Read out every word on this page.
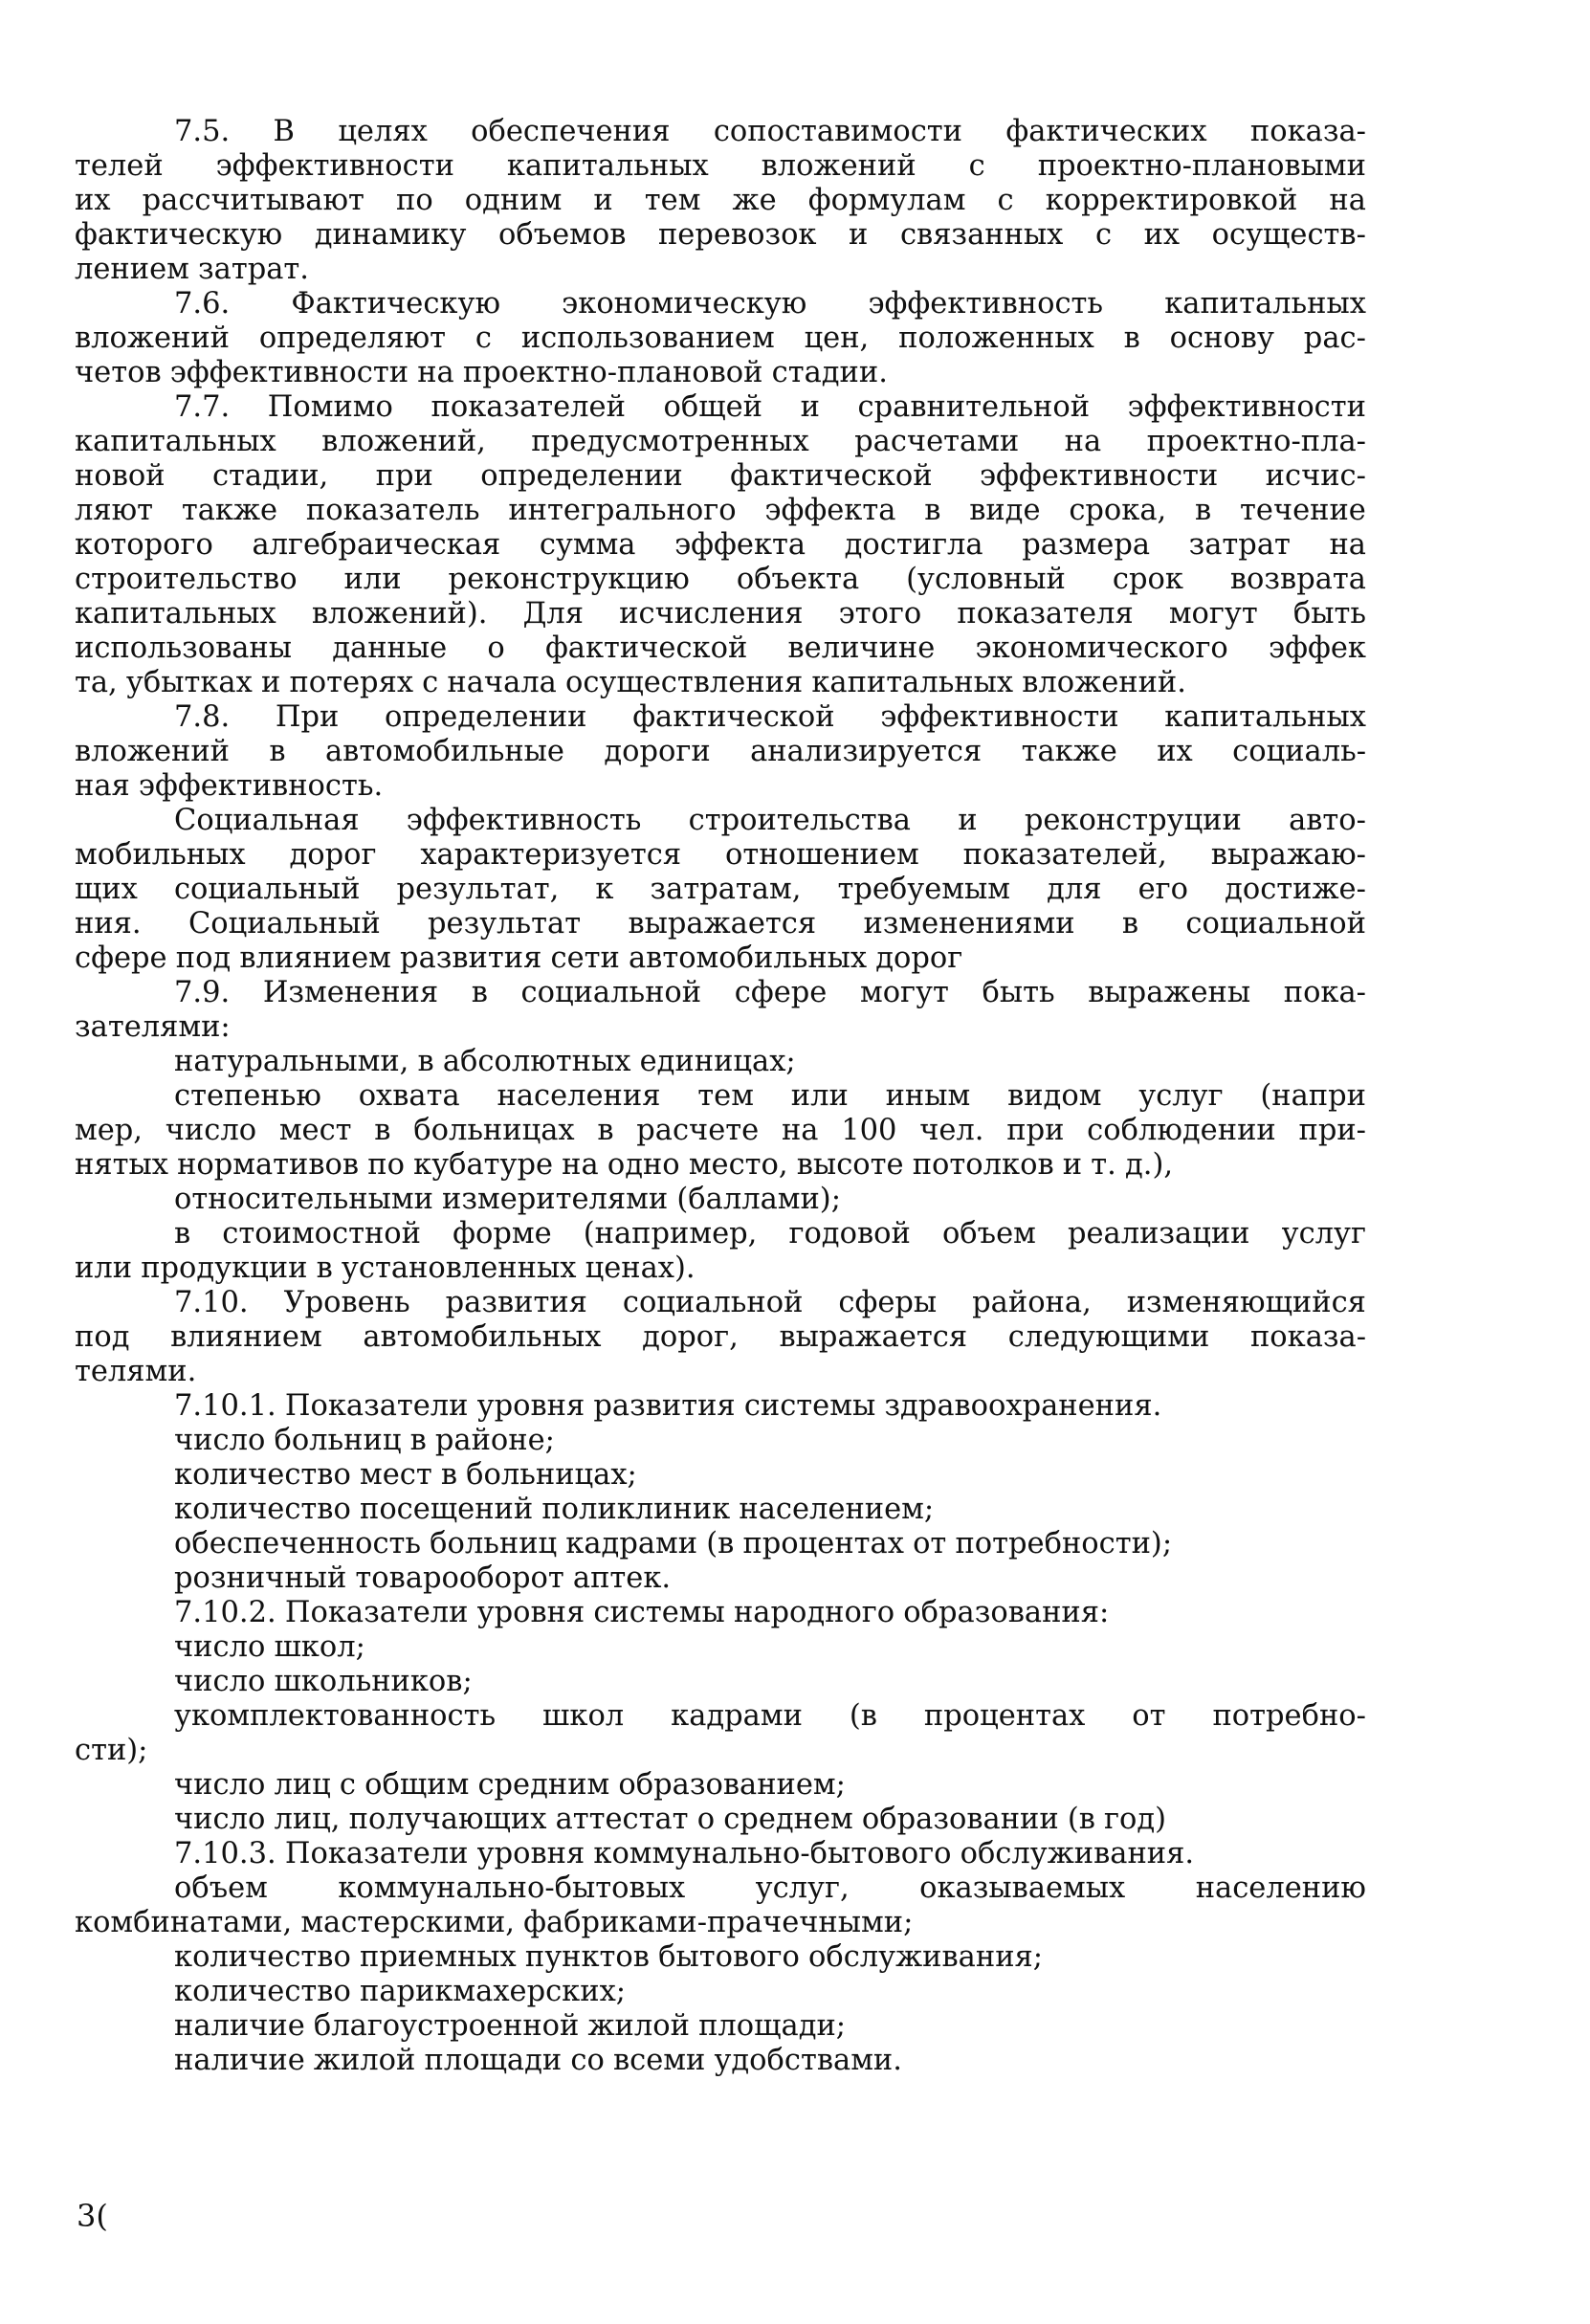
7.5. В целях обеспечения сопоставимости фактических показа-
телей эффективности капитальных вложений с проектно-плановыми
их рассчитывают по одним и тем же формулам с корректировкой на
фактическую динамику объемов перевозок и связанных с их осуществ-
лением затрат.
7.6. Фактическую экономическую эффективность капитальных
вложений определяют с использованием цен, положенных в основу рас-
четов эффективности на проектно-плановой стадии.
7.7. Помимо показателей общей и сравнительной эффективности
капитальных вложений, предусмотренных расчетами на проектно-пла-
новой стадии, при определении фактической эффективности исчис-
ляют также показатель интегрального эффекта в виде срока, в течение
которого алгебраическая сумма эффекта достигла размера затрат на
строительство или реконструкцию объекта (условный срок возврата
капитальных вложений). Для исчисления этого показателя могут быть
использованы данные о фактической величине экономического эффек
та, убытках и потерях с начала осуществления капитальных вложений.
7.8. При определении фактической эффективности капитальных
вложений в автомобильные дороги анализируется также их социаль-
ная эффективность.
Социальная эффективность строительства и реконструции авто-
мобильных дорог характеризуется отношением показателей, выражаю-
щих социальный результат, к затратам, требуемым для его достиже-
ния. Социальный результат выражается изменениями в социальной
сфере под влиянием развития сети автомобильных дорог
7.9. Изменения в социальной сфере могут быть выражены пока-
зателями:
натуральными, в абсолютных единицах;
степенью охвата населения тем или иным видом услуг (напри
мер, число мест в больницах в расчете на 100 чел. при соблюдении при-
нятых нормативов по кубатуре на одно место, высоте потолков и т. д.),
относительными измерителями (баллами);
в стоимостной форме (например, годовой объем реализации услуг
или продукции в установленных ценах).
7.10. Уровень развития социальной сферы района, изменяющийся
под влиянием автомобильных дорог, выражается следующими показа-
телями.
7.10.1. Показатели уровня развития системы здравоохранения.
число больниц в районе;
количество мест в больницах;
количество посещений поликлиник населением;
обеспеченность больниц кадрами (в процентах от потребности);
розничный товарооборот аптек.
7.10.2. Показатели уровня системы народного образования:
число школ;
число школьников;
укомплектованность школ кадрами (в процентах от потребно-
сти);
число лиц с общим средним образованием;
число лиц, получающих аттестат о среднем образовании (в год)
7.10.3. Показатели уровня коммунально-бытового обслуживания.
объем коммунально-бытовых услуг, оказываемых населению
комбинатами, мастерскими, фабриками-прачечными;
количество приемных пунктов бытового обслуживания;
количество парикмахерских;
наличие благоустроенной жилой площади;
наличие жилой площади со всеми удобствами.
3(
